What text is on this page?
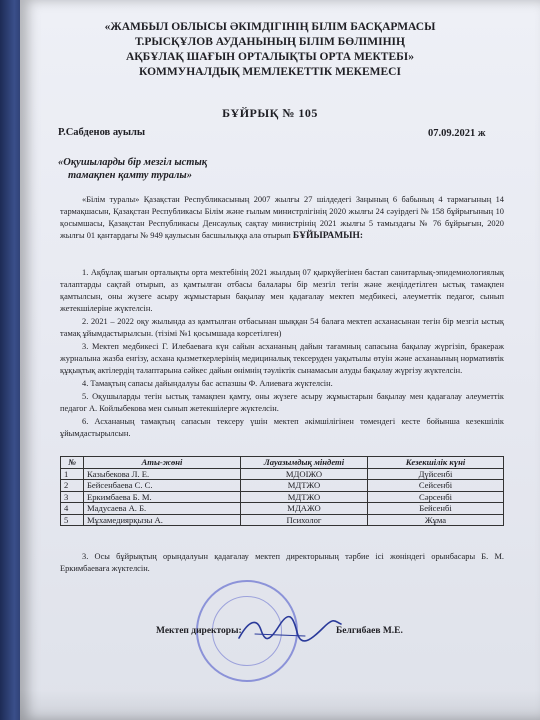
«ЖАМБЫЛ ОБЛЫСЫ ӘКІМДІГІНІҢ БІЛІМ БАСҚАРМАСЫ
Т.РЫСҚҰЛОВ АУДАНЫНЫҢ БІЛІМ БӨЛІМІНІҢ
АҚБҰЛАҚ ШАҒЫН ОРТАЛЫҚТЫ ОРТА МЕКТЕБІ»
КОММУНАЛДЫҚ МЕМЛЕКЕТТІК МЕКЕМЕСІ
БҰЙРЫҚ № 105
Р.Сабденов ауылы	07.09.2021 ж
«Оқушыларды бір мезгіл ыстық
тамақпен қамту туралы»
«Білім туралы» Қазақстан Республикасының 2007 жылғы 27 шілдедегі Заңының 6 бабының 4 тармағының 14 тармақшасын, Қазақстан Республикасы Білім және ғылым министрлігінің 2020 жылғы 24 сәуірдегі № 158 бұйрығының 10 қосымшасы, Қазақстан Республикасы Денсаулық сақтау министрінің 2021 жылғы 5 тамыздағы № 76 бұйрығын, 2020 жылғы 01 қантардағы № 949 қаулысын басшылыққа ала отырып БҰЙЫРАМЫН:

1. Ақбұлақ шағын орталықты орта мектебінің 2021 жылдың 07 қыркүйегінен бастап санитарлық-эпидемиологиялық талаптарды сақтай отырып, аз қамтылған отбасы балалары бір мезгіл тегін және жеңілдетілген ыстық тамақпен қамтылсын, оны жүзеге асыру жұмыстарын бақылау мен қадағалау мектеп медбикесі, әлеуметтік педагог, сынып жетекшілеріне жүктелсін.

2. 2021 – 2022 оқу жылында аз қамтылған отбасынан шыққан 54 балаға мектеп асханасынан тегін бір мезгіл ыстық тамақ ұйымдастырылсын. (тізімі №1 қосымшада көрсетілген)

3. Мектеп медбикесі Г. Илебаеваға күн сайын асхананың дайын тағамның сапасына бақылау жүргізіп, бракераж журналына жазба енгізу, асхана қызметкерлерінің медициналық тексеруден уақытылы өтуін және асханаының нормативтік құқықтық актілердің талаптарына сәйкес дайын өнімнің тәуліктік сынамасын алуды бақылау жүргізу жүктелсін.

4. Тамақтың сапасы дайындалуы бас аспазшы Ф. Алиеваға жүктелсін.

5. Оқушыларды тегін ыстық тамақпен қамту, оны жүзеге асыру жұмыстарын бақылау мен қадағалау әлеуметтік педагог А. Койлыбекова мен сынып жетекшілерге жүктелсін.

6. Асхананың тамақтың сапасын тексеру үшін мектеп әкімшілігінен төмендегі кесте бойынша кезекшілік ұйымдастырылсын.

№	Аты-жөні	Лауазымдық міндеті	Кезекшілік күні
1	Казыбекова Л. Е.	МДОІЖО	Дүйсенбі
2	Бейсенбаева С. С.	МДТЖО	Сейсенбі
3	Еркимбаева Б. М.	МДТЖО	Сәрсенбі
4	Мадусаева А. Б.	МДАЖО	Бейсенбі
5	Мұхамедиярқызы А.	Психолог	Жұма
3. Осы бұйрықтың орындалуын қадағалау мектеп директорының тәрбие ісі жөніндегі орынбасары Б. М. Еркимбаевағa жүктелсін.
Мектеп директоры:	Белгибаев М.Е.
